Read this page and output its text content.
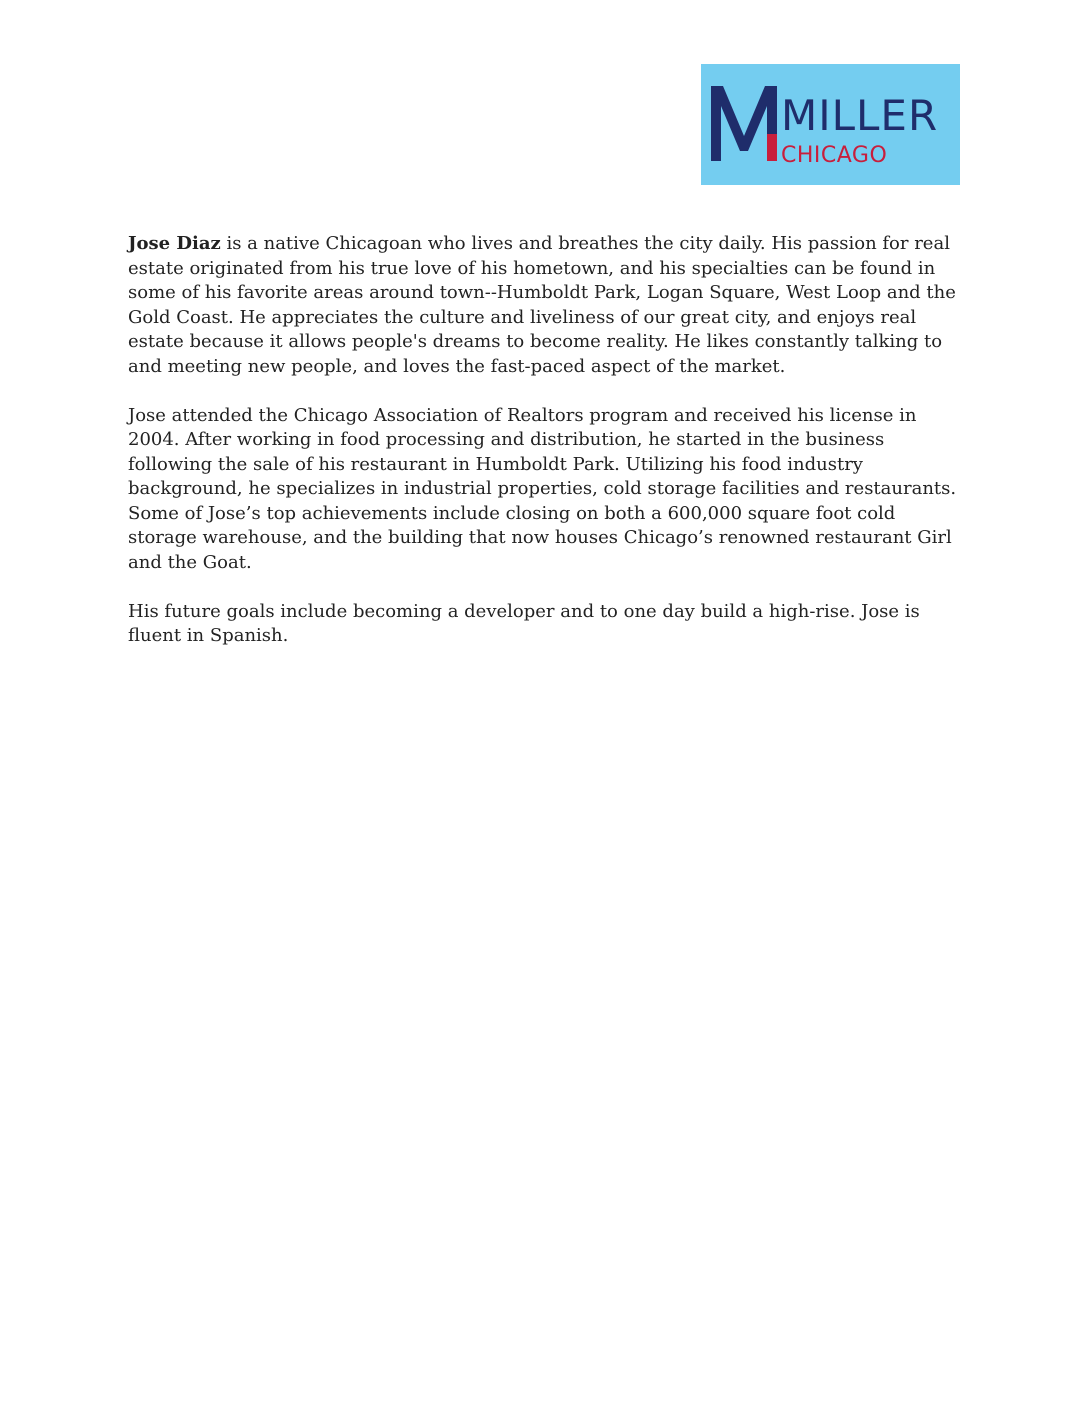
MILLER
CHICAGO

Jose Diaz is a native Chicagoan who lives and breathes the city daily. His passion for real estate originated from his true love of his hometown, and his specialties can be found in some of his favorite areas around town--Humboldt Park, Logan Square, West Loop and the Gold Coast. He appreciates the culture and liveliness of our great city, and enjoys real estate because it allows people's dreams to become reality. He likes constantly talking to and meeting new people, and loves the fast-paced aspect of the market.

Jose attended the Chicago Association of Realtors program and received his license in 2004. After working in food processing and distribution, he started in the business following the sale of his restaurant in Humboldt Park. Utilizing his food industry background, he specializes in industrial properties, cold storage facilities and restaurants. Some of Jose’s top achievements include closing on both a 600,000 square foot cold storage warehouse, and the building that now houses Chicago’s renowned restaurant Girl and the Goat.

His future goals include becoming a developer and to one day build a high-rise. Jose is fluent in Spanish.
